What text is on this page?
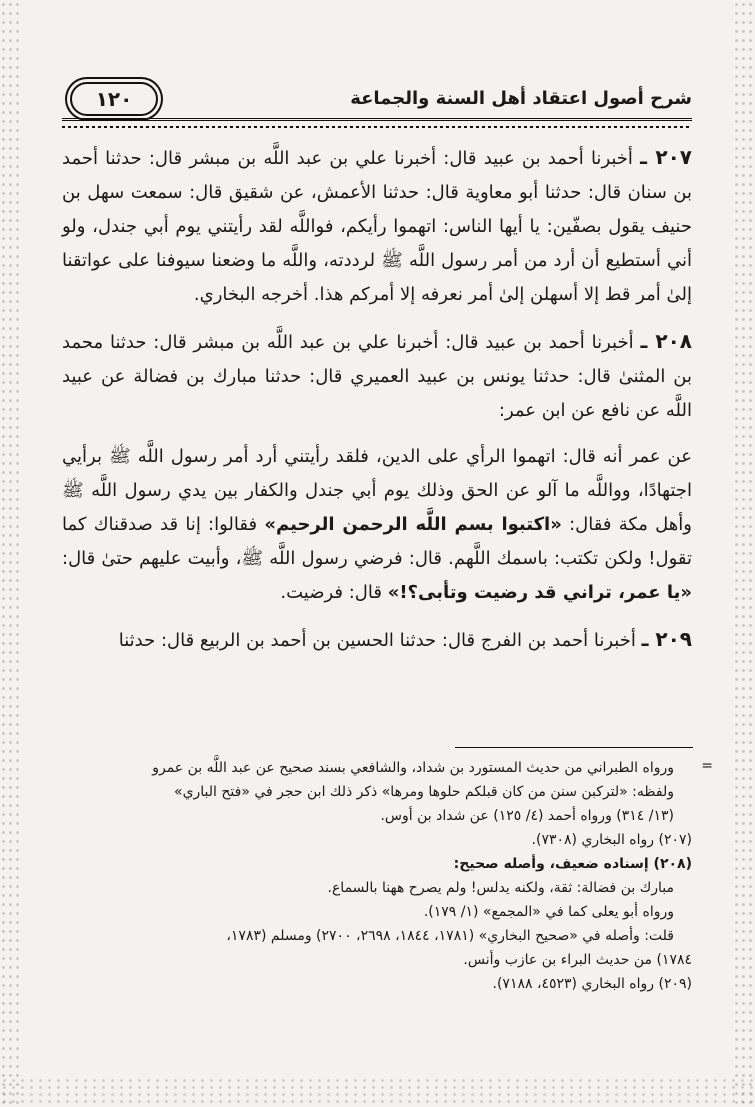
شرح أصول اعتقاد أهل السنة والجماعة
١٢٠

٢٠٧ ـ أخبرنا أحمد بن عبيد قال: أخبرنا علي بن عبد اللَّه بن مبشر قال: حدثنا أحمد بن سنان قال: حدثنا أبو معاوية قال: حدثنا الأعمش، عن شقيق قال: سمعت سهل بن حنيف يقول بصفّين: يا أيها الناس: اتهموا رأيكم، فواللَّه لقد رأيتني يوم أبي جندل، ولو أني أستطيع أن أرد من أمر رسول اللَّه ﷺ لرددته، واللَّه ما وضعنا سيوفنا على عواتقنا إلىٰ أمر قط إلا أسهلن إلىٰ أمر نعرفه إلا أمركم هذا. أخرجه البخاري.

٢٠٨ ـ أخبرنا أحمد بن عبيد قال: أخبرنا علي بن عبد اللَّه بن مبشر قال: حدثنا محمد بن المثنىٰ قال: حدثنا يونس بن عبيد العميري قال: حدثنا مبارك بن فضالة عن عبيد اللَّه عن نافع عن ابن عمر:

عن عمر أنه قال: اتهموا الرأي على الدين، فلقد رأيتني أرد أمر رسول اللَّه ﷺ برأيي اجتهادًا، وواللَّه ما آلو عن الحق وذلك يوم أبي جندل والكفار بين يدي رسول اللَّه ﷺ وأهل مكة فقال: «اكتبوا بسم اللَّه الرحمن الرحيم» فقالوا: إنا قد صدقناك كما تقول! ولكن تكتب: باسمك اللَّهم. قال: فرضي رسول اللَّه ﷺ، وأبيت عليهم حتىٰ قال: «يا عمر، تراني قد رضيت وتأبى؟!» قال: فرضيت.

٢٠٩ ـ أخبرنا أحمد بن الفرج قال: حدثنا الحسين بن أحمد بن الربيع قال: حدثنا

=

ورواه الطبراني من حديث المستورد بن شداد، والشافعي بسند صحيح عن عبد اللَّه بن عمرو

ولفظه: «لتركبن سنن من كان قبلكم حلوها ومرها» ذكر ذلك ابن حجر في «فتح الباري»

(١٣/ ٣١٤) ورواه أحمد (٤/ ١٢٥) عن شداد بن أوس.

(٢٠٧) رواه البخاري (٧٣٠٨).

(٢٠٨) إسناده ضعيف، وأصله صحيح:

مبارك بن فضالة: ثقة، ولكنه يدلس! ولم يصرح ههنا بالسماع.

ورواه أبو يعلى كما في «المجمع» (١/ ١٧٩).

قلت: وأصله في «صحيح البخاري» (١٧٨١، ١٨٤٤، ٢٦٩٨، ٢٧٠٠) ومسلم (١٧٨٣،

١٧٨٤) من حديث البراء بن عازب وأنس.

(٢٠٩) رواه البخاري (٤٥٢٣، ٧١٨٨).
